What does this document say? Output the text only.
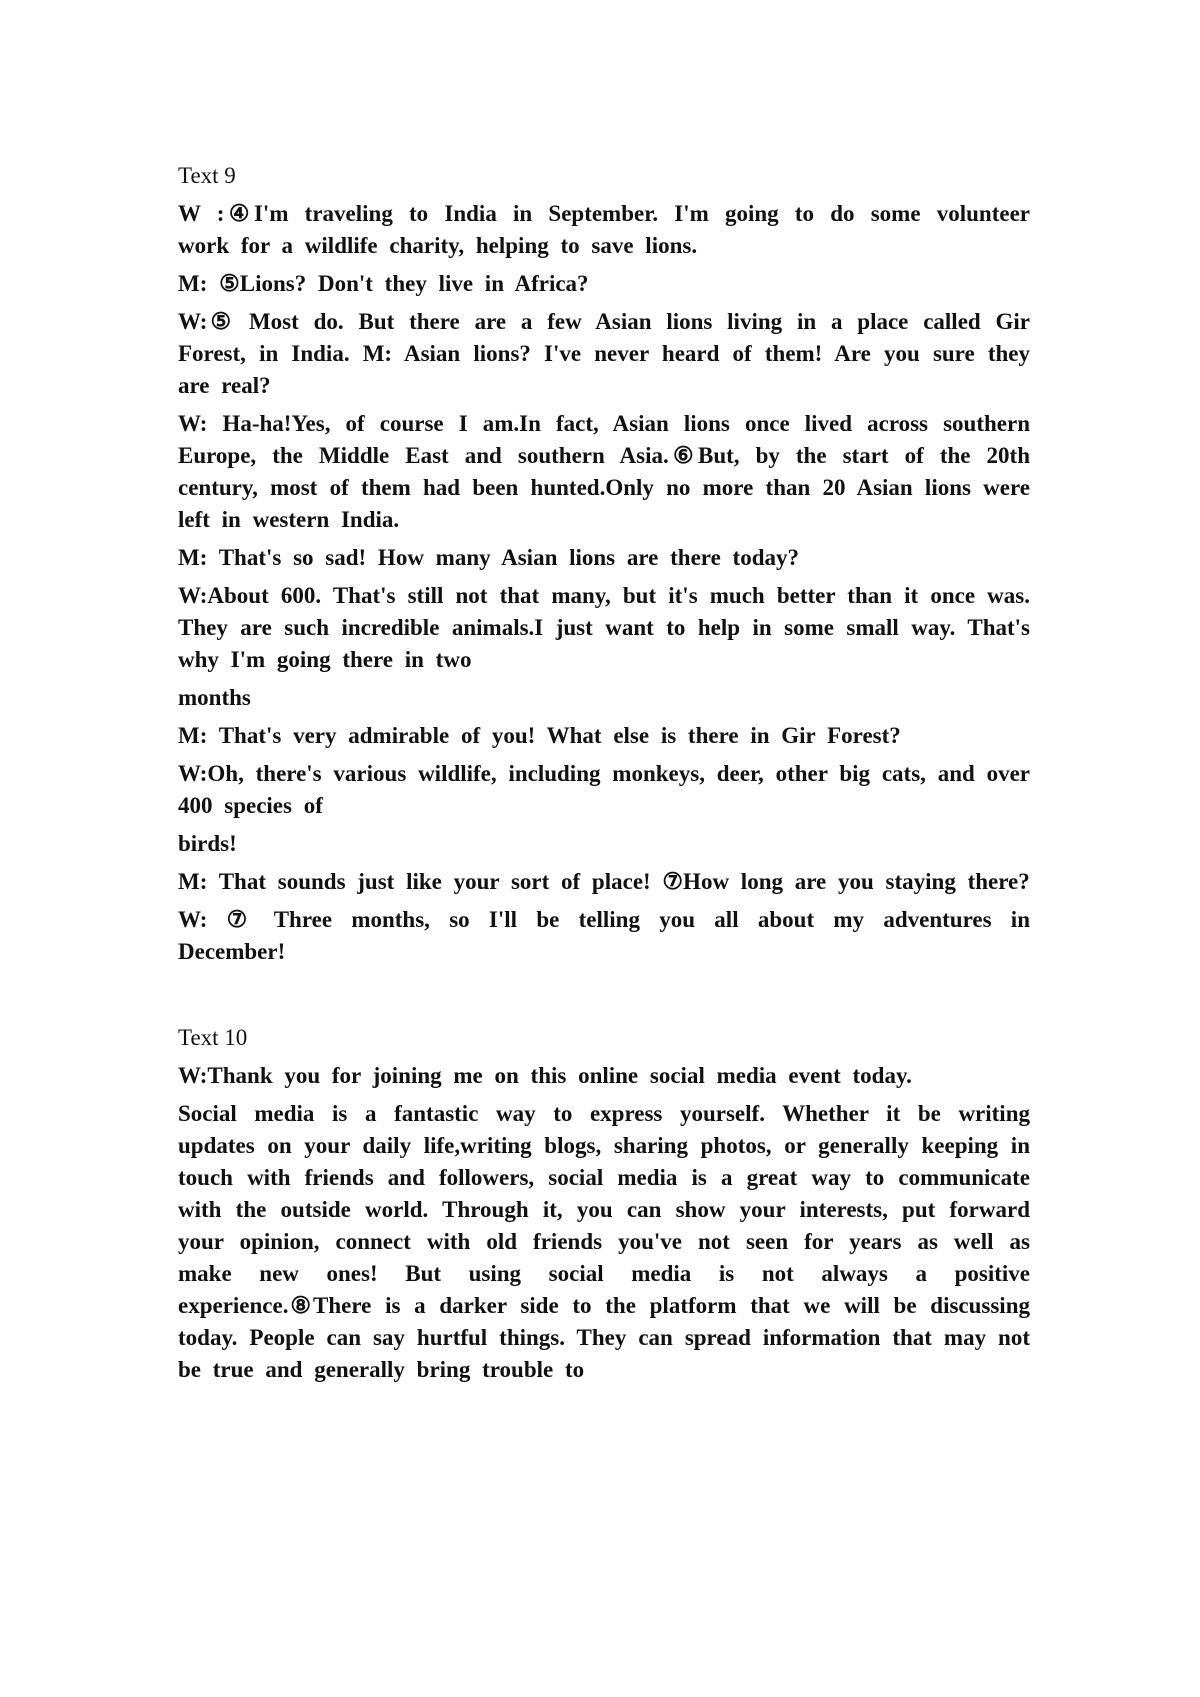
Text 9

W :④I'm traveling to India in September. I'm going to do some volunteer work for a wildlife charity, helping to save lions.

M: ⑤Lions? Don't they live in Africa?

W:⑤ Most do. But there are a few Asian lions living in a place called Gir Forest, in India. M: Asian lions? I've never heard of them! Are you sure they are real?

W: Ha-ha!Yes, of course I am.In fact, Asian lions once lived across southern Europe, the Middle East and southern Asia.⑥But, by the start of the 20th century, most of them had been hunted.Only no more than 20 Asian lions were left in western India.

M: That's so sad! How many Asian lions are there today?

W:About 600. That's still not that many, but it's much better than it once was. They are such incredible animals.I just want to help in some small way. That's why I'm going there in two

months

M: That's very admirable of you! What else is there in Gir Forest?

W:Oh, there's various wildlife, including monkeys, deer, other big cats, and over 400 species of

birds!

M: That sounds just like your sort of place! ⑦How long are you staying there?

W: ⑦ Three months, so I'll be telling you all about my adventures in December!

Text 10

W:Thank you for joining me on this online social media event today.

Social media is a fantastic way to express yourself. Whether it be writing updates on your daily life,writing blogs, sharing photos, or generally keeping in touch with friends and followers, social media is a great way to communicate with the outside world. Through it, you can show your interests, put forward your opinion, connect with old friends you've not seen for years as well as make new ones! But using social media is not always a positive experience.⑧There is a darker side to the platform that we will be discussing today. People can say hurtful things. They can spread information that may not be true and generally bring trouble to
